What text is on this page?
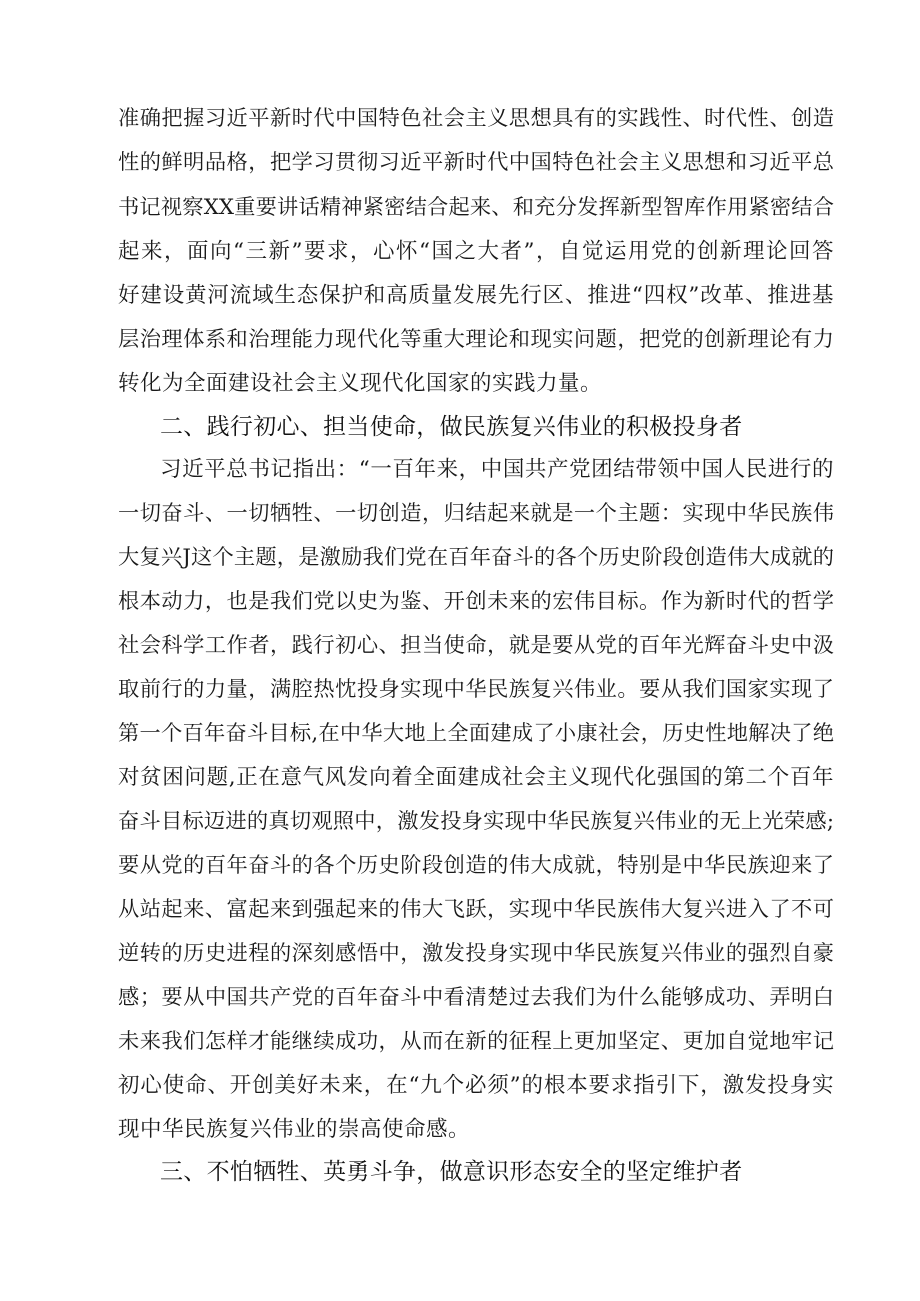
准确把握习近平新时代中国特色社会主义思想具有的实践性、时代性、创造
性的鲜明品格，把学习贯彻习近平新时代中国特色社会主义思想和习近平总
书记视察XX重要讲话精神紧密结合起来、和充分发挥新型智库作用紧密结合
起来，面向“三新”要求，心怀“国之大者”，自觉运用党的创新理论回答
好建设黄河流域生态保护和高质量发展先行区、推进“四权”改革、推进基
层治理体系和治理能力现代化等重大理论和现实问题，把党的创新理论有力
转化为全面建设社会主义现代化国家的实践力量。
二、践行初心、担当使命，做民族复兴伟业的积极投身者
习近平总书记指出：“一百年来，中国共产党团结带领中国人民进行的
一切奋斗、一切牺牲、一切创造，归结起来就是一个主题：实现中华民族伟
大复兴J这个主题，是激励我们党在百年奋斗的各个历史阶段创造伟大成就的
根本动力，也是我们党以史为鉴、开创未来的宏伟目标。作为新时代的哲学
社会科学工作者，践行初心、担当使命，就是要从党的百年光辉奋斗史中汲
取前行的力量，满腔热忱投身实现中华民族复兴伟业。要从我们国家实现了
第一个百年奋斗目标,在中华大地上全面建成了小康社会，历史性地解决了绝
对贫困问题,正在意气风发向着全面建成社会主义现代化强国的第二个百年
奋斗目标迈进的真切观照中，激发投身实现中华民族复兴伟业的无上光荣感;
要从党的百年奋斗的各个历史阶段创造的伟大成就，特别是中华民族迎来了
从站起来、富起来到强起来的伟大飞跃，实现中华民族伟大复兴进入了不可
逆转的历史进程的深刻感悟中，激发投身实现中华民族复兴伟业的强烈自豪
感；要从中国共产党的百年奋斗中看清楚过去我们为什么能够成功、弄明白
未来我们怎样才能继续成功，从而在新的征程上更加坚定、更加自觉地牢记
初心使命、开创美好未来，在“九个必须”的根本要求指引下，激发投身实
现中华民族复兴伟业的崇高使命感。
三、不怕牺牲、英勇斗争，做意识形态安全的坚定维护者
